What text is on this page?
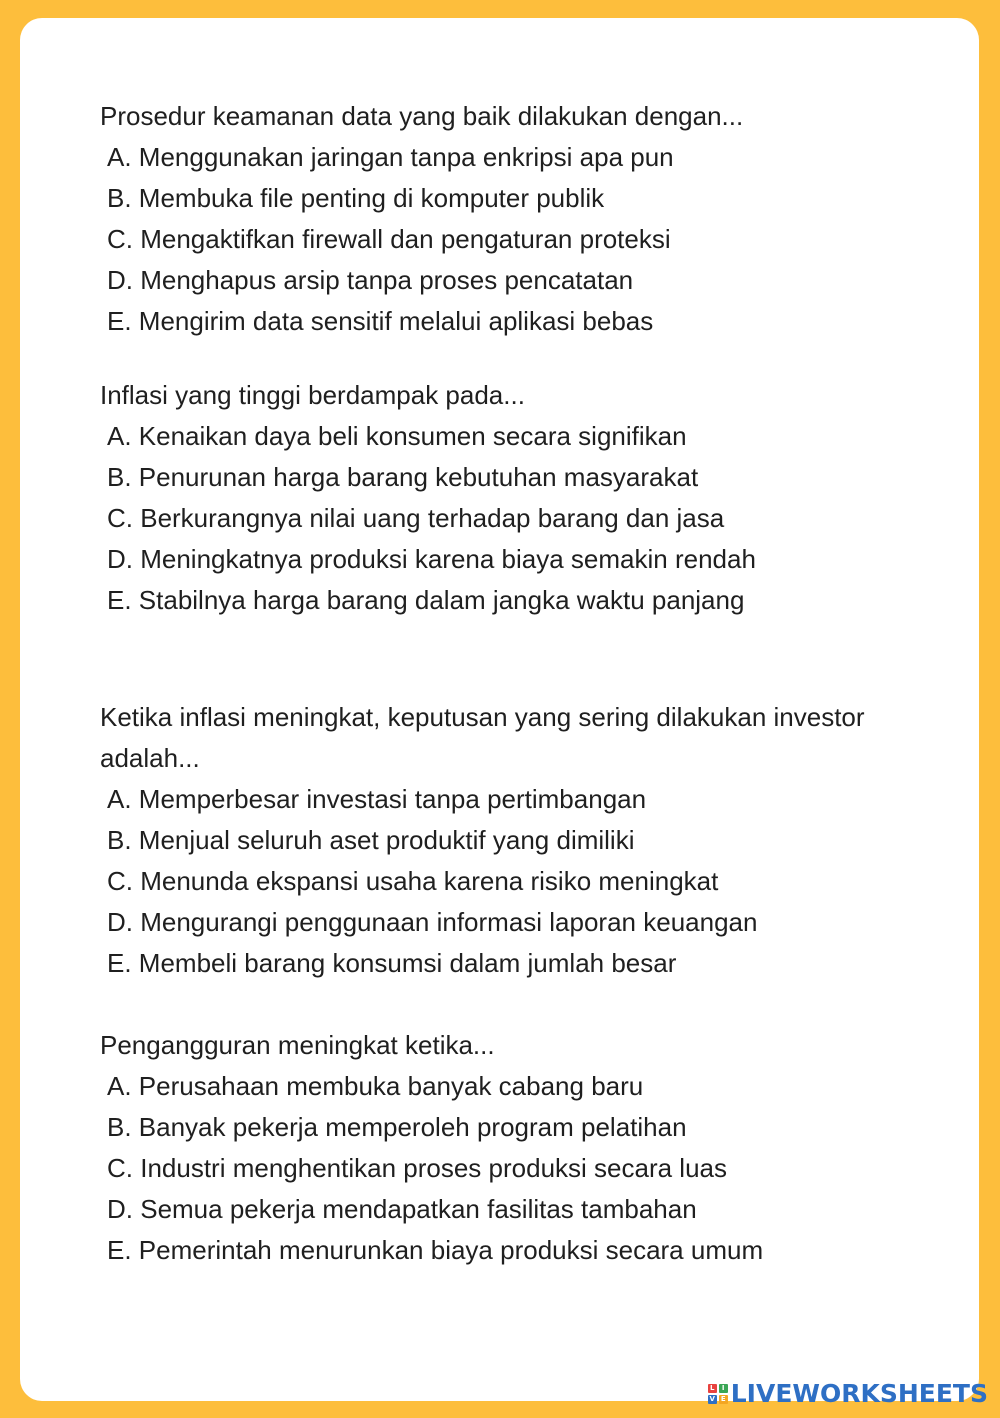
Prosedur keamanan data yang baik dilakukan dengan...
A. Menggunakan jaringan tanpa enkripsi apa pun
B. Membuka file penting di komputer publik
C. Mengaktifkan firewall dan pengaturan proteksi
D. Menghapus arsip tanpa proses pencatatan
E. Mengirim data sensitif melalui aplikasi bebas
Inflasi yang tinggi berdampak pada...
A. Kenaikan daya beli konsumen secara signifikan
B. Penurunan harga barang kebutuhan masyarakat
C. Berkurangnya nilai uang terhadap barang dan jasa
D. Meningkatnya produksi karena biaya semakin rendah
E. Stabilnya harga barang dalam jangka waktu panjang
Ketika inflasi meningkat, keputusan yang sering dilakukan investor adalah...
A. Memperbesar investasi tanpa pertimbangan
B. Menjual seluruh aset produktif yang dimiliki
C. Menunda ekspansi usaha karena risiko meningkat
D. Mengurangi penggunaan informasi laporan keuangan
E. Membeli barang konsumsi dalam jumlah besar
Pengangguran meningkat ketika...
A. Perusahaan membuka banyak cabang baru
B. Banyak pekerja memperoleh program pelatihan
C. Industri menghentikan proses produksi secara luas
D. Semua pekerja mendapatkan fasilitas tambahan
E. Pemerintah menurunkan biaya produksi secara umum
L	I
V E LIVEWORKSHEETS
